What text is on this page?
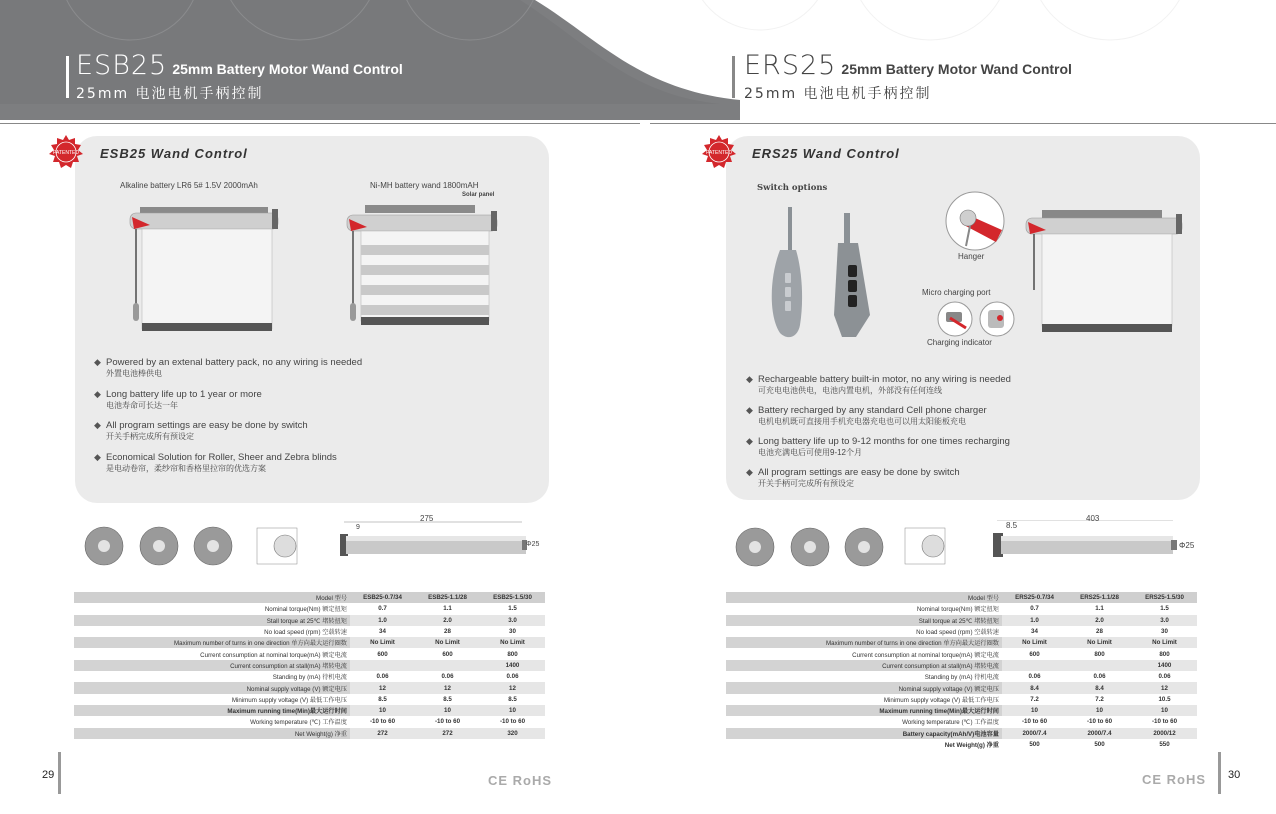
ESB25 25mm Battery Motor Wand Control
25mm 电池电机手柄控制
ERS25 25mm Battery Motor Wand Control
25mm 电池电机手柄控制
PATENTED ESB25 Wand Control
Alkaline battery LR6 5# 1.5V 2000mAh	Ni-MH battery wand 1800mAH
Solar panel
◆ Powered by an extenal battery pack, no any wiring is needed
外置电池棒供电
◆ Long battery life up to 1 year or more
电池寿命可长达一年
◆ All program settings are easy be done by switch
开关手柄完成所有预设定
◆ Economical Solution for Roller, Sheer and Zebra blinds
是电动卷帘，柔纱帘和香格里拉帘的优选方案
275
9
Φ25
Model 型号	ESB25-0.7/34	ESB25-1.1/28	ESB25-1.5/30
Nominal torque(Nm) 额定扭矩	0.7	1.1	1.5
Stall torque at 25℃ 堵转扭矩	1.0	2.0	3.0
No load speed (rpm) 空载转速	34	28	30
Maximum number of turns in one direction 单方向最大运行圈数	No Limit	No Limit	No Limit
Current consumption at nominal torque(mA) 额定电流	600	600	800
Current consumption at stall(mA) 堵转电流			1400
Standing by (mA) 待机电流	0.06	0.06	0.06
Nominal supply voltage (V) 额定电压	12	12	12
Minimum supply voltage (V) 最低工作电压	8.5	8.5	8.5
Maximum running time(Min)最大运行时间	10	10	10
Working temperature (℃) 工作温度	-10 to 60	-10 to 60	-10 to 60
Net Weight(g) 净重	272	272	320
29	CE RoHS
PATENTED ERS25 Wand Control
Switch options
Hanger
Micro charging port
Charging indicator
◆ Rechargeable battery built-in motor, no any wiring is needed
可充电电池供电，电池内置电机，外部没有任何连线
◆ Battery recharged by any standard Cell phone charger
电机电机既可直接用手机充电器充电也可以用太阳能板充电
◆ Long battery life up to 9-12 months for one times recharging
电池充满电后可使用9-12个月
◆ All program settings are easy be done by switch
开关手柄可完成所有预设定
403
8.5
Φ25
Model 型号	ERS25-0.7/34	ERS25-1.1/28	ERS25-1.5/30
Nominal torque(Nm) 额定扭矩	0.7	1.1	1.5
Stall torque at 25℃ 堵转扭矩	1.0	2.0	3.0
No load speed (rpm) 空载转速	34	28	30
Maximum number of turns in one direction 单方向最大运行圈数	No Limit	No Limit	No Limit
Current consumption at nominal torque(mA) 额定电流	600	800	800
Current consumption at stall(mA) 堵转电流			1400
Standing by (mA) 待机电流	0.06	0.06	0.06
Nominal supply voltage (V) 额定电压	8.4	8.4	12
Minimum supply voltage (V) 最低工作电压	7.2	7.2	10.5
Maximum running time(Min)最大运行时间	10	10	10
Working temperature (℃) 工作温度	-10 to 60	-10 to 60	-10 to 60
Battery capacity(mAh/V)电池容量	2000/7.4	2000/7.4	2000/12
Net Weight(g) 净重	500	500	550
30
CE RoHS
